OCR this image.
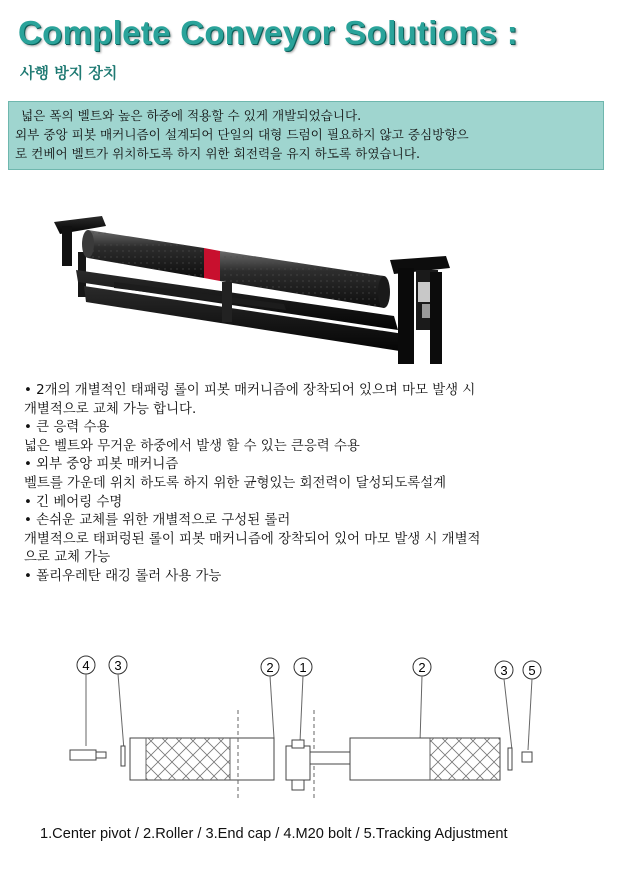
Complete Conveyor Solutions :
사행 방지 장치
넓은 폭의 벨트와 높은 하중에 적용할 수 있게 개발되었습니다.
외부 중앙 피봇 매커니즘이 설계되어 단일의 대형 드럼이 필요하지 않고 중심방향으
로 컨베어 벨트가 위치하도록 하지 위한 회전력을 유지 하도록 하였습니다.
• 2개의 개별적인 태패렁 롤이 피봇 매커니즘에 장착되어 있으며 마모 발생 시
개별적으로 교체 가능 합니다.
• 큰 응력 수용
넓은 벨트와 무거운 하중에서 발생 할 수 있는 큰응력 수용
• 외부 중앙 피봇 매커니즘
벨트를 가운데 위치 하도록 하지 위한 균형있는 회전력이 달성되도록설계
• 긴 베어링 수명
• 손쉬운 교체를 위한 개별적으로 구성된 롤러
개별적으로 태퍼렁된 롤이 피봇 매커니즘에 장착되어 있어 마모 발생 시 개별적
으로 교체 가능
• 폴리우레탄 래깅 롤러 사용 가능
4 3	2 1	2	3 5
1.Center pivot / 2.Roller / 3.End cap / 4.M20 bolt / 5.Tracking Adjustment
